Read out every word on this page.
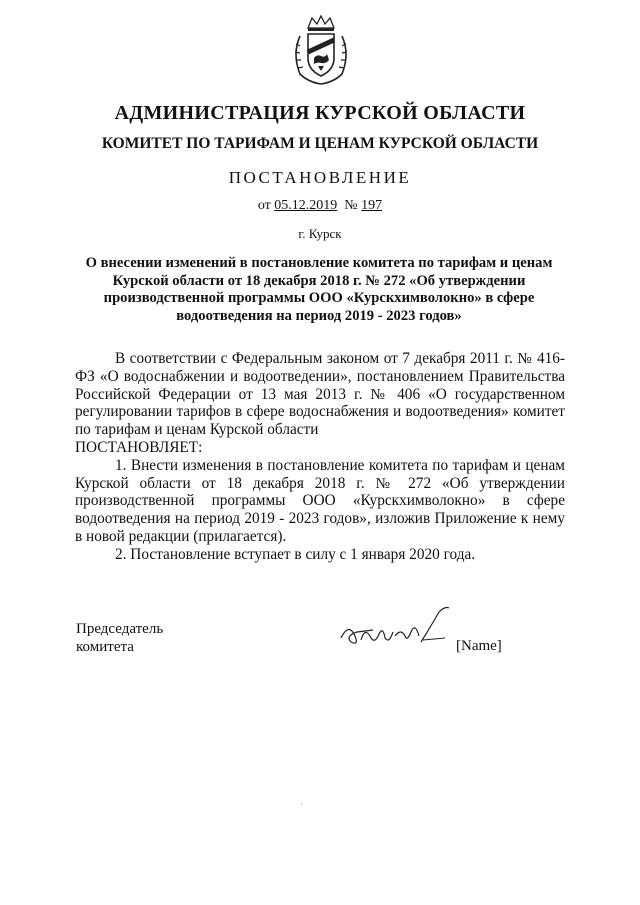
АДМИНИСТРАЦИЯ КУРСКОЙ ОБЛАСТИ
КОМИТЕТ ПО ТАРИФАМ И ЦЕНАМ КУРСКОЙ ОБЛАСТИ
ПОСТАНОВЛЕНИЕ
от 05.12.2019 № 197
г. Курск
О внесении изменений в постановление комитета по тарифам и ценам Курской области от 18 декабря 2018 г. № 272 «Об утверждении производственной программы ООО «Курскхимволокно» в сфере водоотведения на период 2019 - 2023 годов»

В соответствии с Федеральным законом от 7 декабря 2011 г. № 416-ФЗ «О водоснабжении и водоотведении», постановлением Правительства Российской Федерации от 13 мая 2013 г. № 406 «О государственном регулировании тарифов в сфере водоснабжения и водоотведения» комитет по тарифам и ценам Курской области

ПОСТАНОВЛЯЕТ:

1. Внести изменения в постановление комитета по тарифам и ценам Курской области от 18 декабря 2018 г. № 272 «Об утверждении производственной программы ООО «Курскхимволокно» в сфере водоотведения на период 2019 - 2023 годов», изложив Приложение к нему в новой редакции (прилагается).

2. Постановление вступает в силу с 1 января 2020 года.

Председатель
комитета	[Name]
